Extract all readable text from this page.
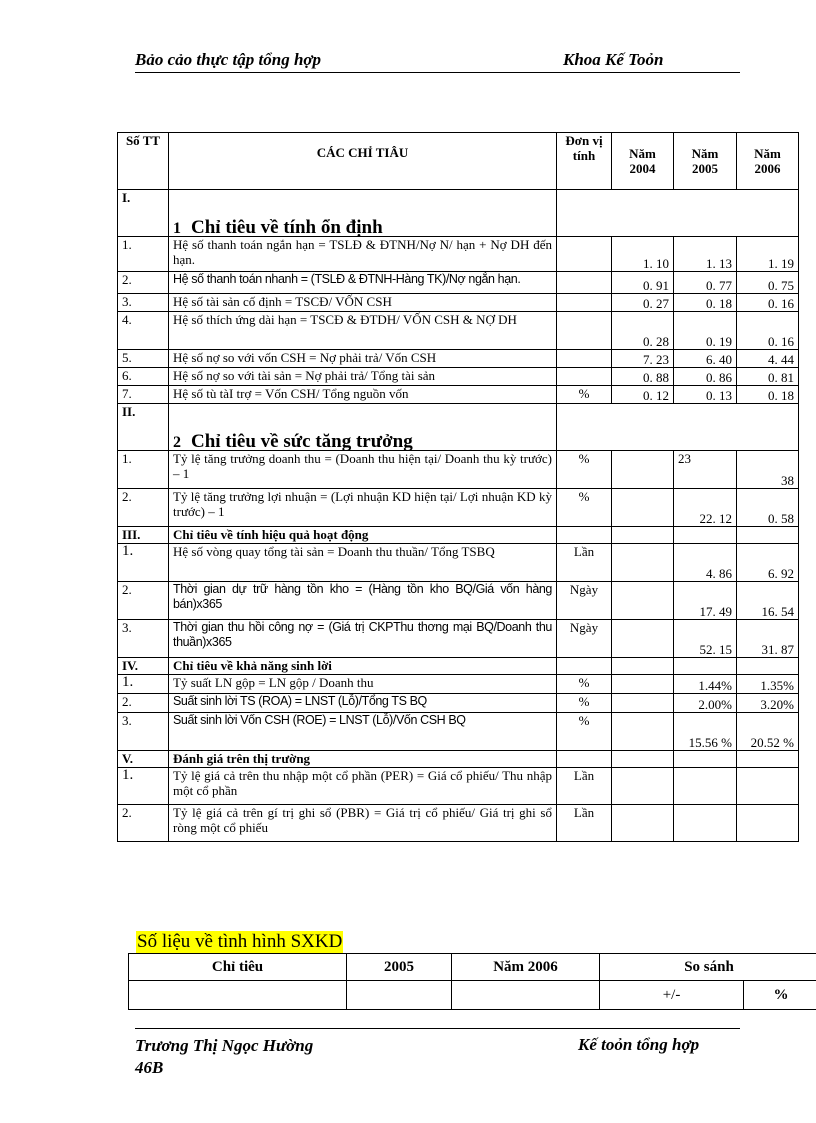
Bảo cảo thực tập tổng hợp	Khoa Kế Toỏn
Số TT	CÁC CHỈ TIÂU	Đơn vị tính	Năm 2004	Năm 2005	Năm 2006
I.	1 Chỉ tiêu về tính ổn định				
1.	Hệ số thanh toán ngắn hạn = TSLĐ & ĐTNH/Nợ N/ hạn + Nợ DH đến hạn.		1. 10	1. 13	1. 19
2.	Hệ số thanh toán nhanh = (TSLĐ & ĐTNH-Hàng TK)/Nợ ngắn hạn.		0. 91	0. 77	0. 75
3.	Hệ số tài sản cố định = TSCĐ/ VỐN CSH		0. 27	0. 18	0. 16
4.	Hệ số thích ứng dài hạn = TSCĐ & ĐTDH/ VỐN CSH & NỢ DH		0. 28	0. 19	0. 16
5.	Hệ số nợ so với vốn CSH = Nợ phải trả/ Vốn CSH		7. 23	6. 40	4. 44
6.	Hệ số nợ so với tài sản = Nợ phải trả/ Tổng tài sản		0. 88	0. 86	0. 81
7.	Hệ số tù tàI trợ = Vốn CSH/ Tổng nguồn vốn	%	0. 12	0. 13	0. 18
II.	2 Chỉ tiêu về sức tăng trưởng				
1.	Tỷ lệ tăng trưởng doanh thu = (Doanh thu hiện tại/ Doanh thu kỳ trước) – 1	%		23	38
2.	Tỷ lệ tăng trưởng lợi nhuận = (Lợi nhuận KD hiện tại/ Lợi nhuận KD kỳ trước) – 1	%		22. 12	0. 58
III.	Chỉ tiêu về tính hiệu quả hoạt động				
1.	Hệ số vòng quay tổng tài sản = Doanh thu thuần/ Tổng TSBQ	Lần		4. 86	6. 92
2.	Thời gian dự trữ hàng tồn kho = (Hàng tồn kho BQ/Giá vốn hàng bán)x365	Ngày		17. 49	16. 54
3.	Thời gian thu hồi công nợ = (Giá trị CKPThu thơng mại BQ/Doanh thu thuần)x365	Ngày		52. 15	31. 87
IV.	Chỉ tiêu về khả năng sinh lời				
1.	Tỷ suất LN gộp = LN gộp / Doanh thu	%		1.44%	1.35%
2.	Suất sinh lời TS (ROA) = LNST (Lỗ)/Tổng TS BQ	%		2.00%	3.20%
3.	Suất sinh lời Vốn CSH (ROE) = LNST (Lỗ)/Vốn CSH BQ	%		15.56 %	20.52 %
V.	Đánh giá trên thị trường				
1.	Tỷ lệ giá cả trên thu nhập một cổ phần (PER) = Giá cổ phiếu/ Thu nhập một cổ phần	Lần			
2.	Tỷ lệ giá cả trên gí trị ghi sổ (PBR) = Giá trị cổ phiếu/ Giá trị ghi sổ ròng một cổ phiếu	Lần			
Số liệu về tình hình SXKD
Chỉ tiêu	2005	Năm 2006	So sánh	
			+/-	%
Trương Thị Ngọc Hường
46B
Kế toỏn tổng hợp
